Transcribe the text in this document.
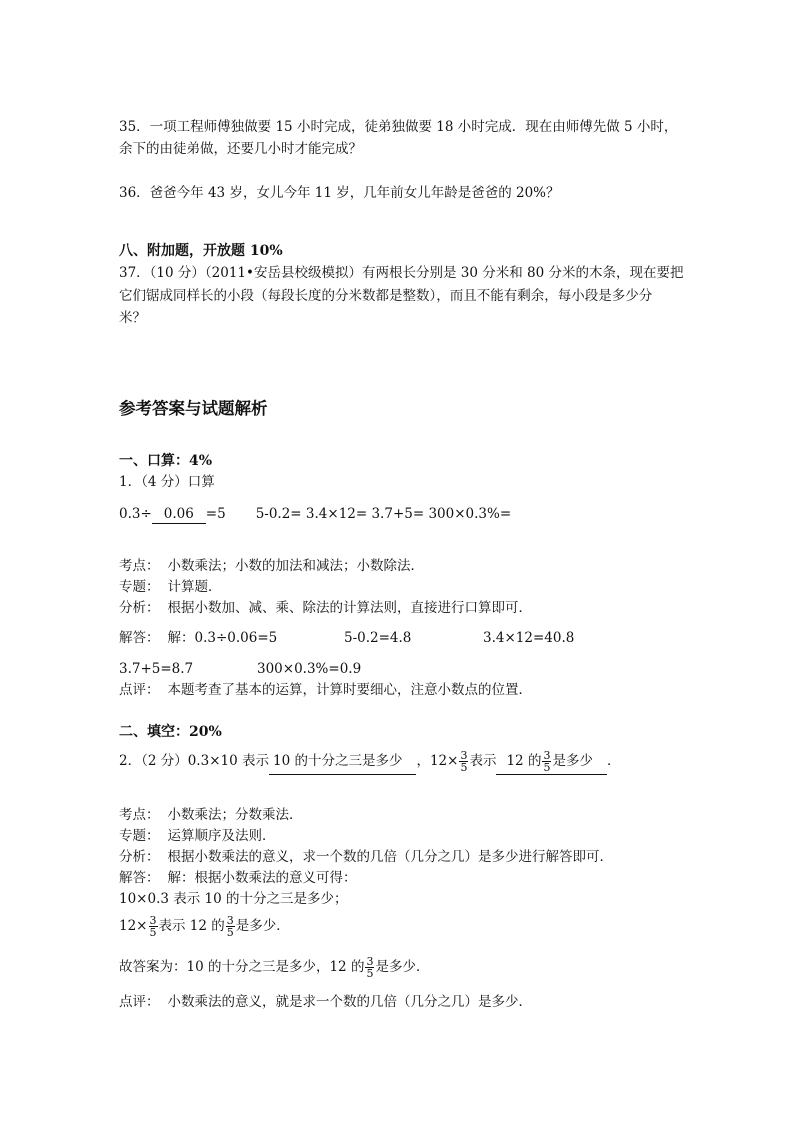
35．一项工程师傅独做要 15 小时完成，徒弟独做要 18 小时完成．现在由师傅先做 5 小时，
余下的由徒弟做，还要几小时才能完成？
36．爸爸今年 43 岁，女儿今年 11 岁，几年前女儿年龄是爸爸的 20%？
八、附加题，开放题 10%
37．（10 分）（2011•安岳县校级模拟）有两根长分别是 30 分米和 80 分米的木条，现在要把
它们锯成同样长的小段（每段长度的分米数都是整数），而且不能有剩余，每小段是多少分
米？
参考答案与试题解析
一、口算：4%
1．（4 分）口算
0.3÷ 0.06 =5 5-0.2= 3.4×12= 3.7+5= 300×0.3%=
考点： 小数乘法；小数的加法和减法；小数除法．
专题： 计算题．
分析： 根据小数加、减、乘、除法的计算法则，直接进行口算即可．
解答： 解：0.3÷0.06=5	5-0.2=4.8	3.4×12=40.8
3.7+5=8.7	300×0.3%=0.9
点评： 本题考查了基本的运算，计算时要细心，注意小数点的位置．
二、填空：20%
2．（2 分）0.3×10 表示 10 的十分之三是多少 ，$12\times \frac{3}{5}$ 表示 12 的 $\frac{3}{5}$ 是多少 ．
考点： 小数乘法；分数乘法．
专题： 运算顺序及法则．
分析： 根据小数乘法的意义，求一个数的几倍（几分之几）是多少进行解答即可．
解答： 解：根据小数乘法的意义可得：
10×0.3 表示 10 的十分之三是多少；
$12\times \frac{3}{5}$ 表示 12 的 $\frac{3}{5}$ 是多少．
故答案为：10 的十分之三是多少，12 的 $\frac{3}{5}$ 是多少．
点评： 小数乘法的意义，就是求一个数的几倍（几分之几）是多少．
